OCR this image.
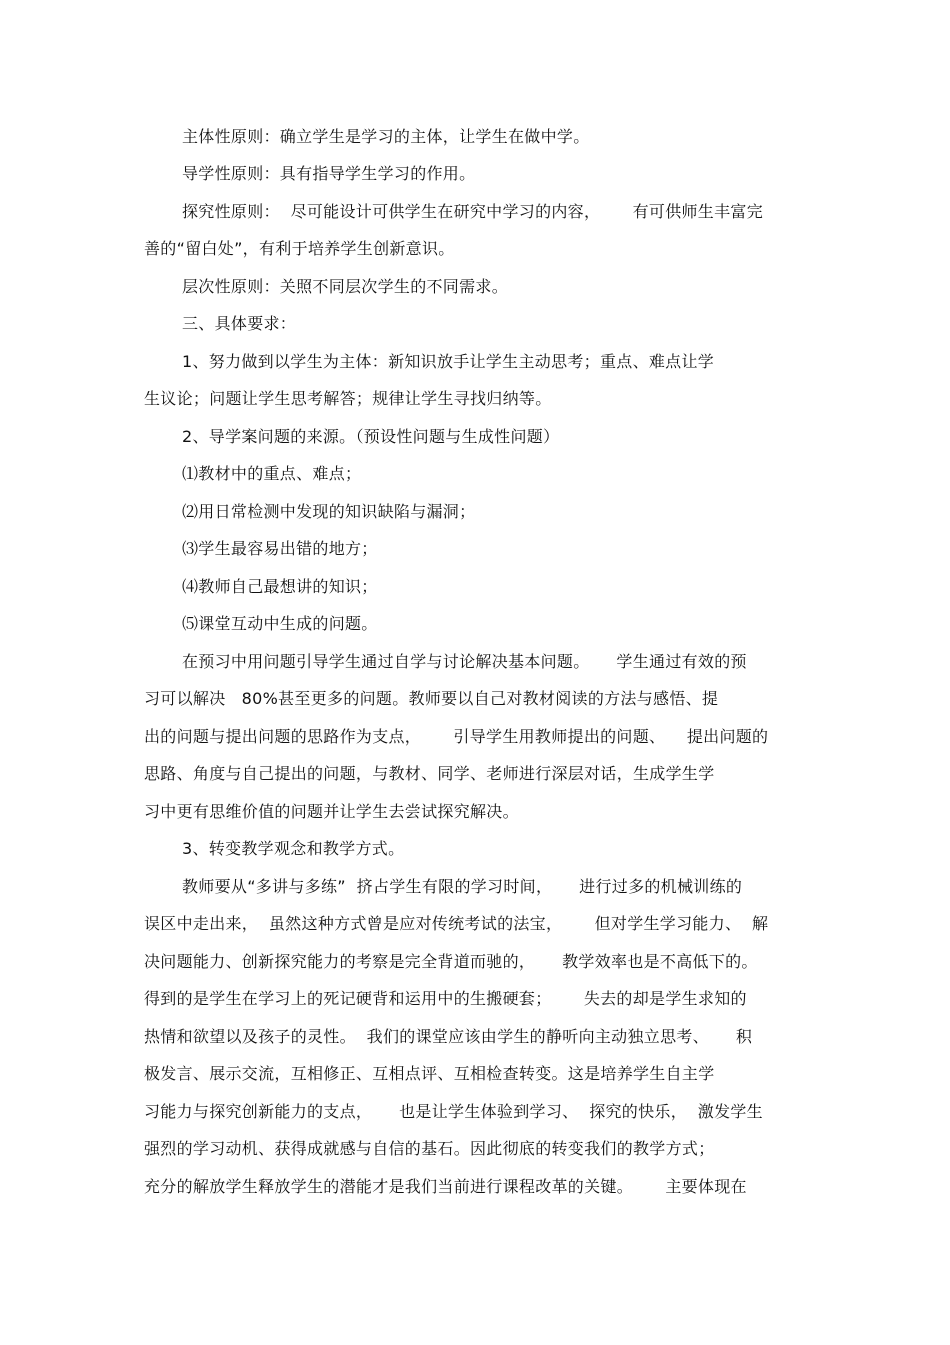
主体性原则：确立学生是学习的主体，让学生在做中学。
导学性原则：具有指导学生学习的作用。
探究性原则：  尽可能设计可供学生在研究中学习的内容，      有可供师生丰富完
善的“留白处”，有利于培养学生创新意识。
层次性原则：关照不同层次学生的不同需求。
三、具体要求：
1、努力做到以学生为主体：新知识放手让学生主动思考；重点、难点让学
生议论；问题让学生思考解答；规律让学生寻找归纳等。
2、导学案问题的来源。（预设性问题与生成性问题）
⑴教材中的重点、难点；
⑵用日常检测中发现的知识缺陷与漏洞；
⑶学生最容易出错的地方；
⑷教师自己最想讲的知识；
⑸课堂互动中生成的问题。
在预习中用问题引导学生通过自学与讨论解决基本问题。     学生通过有效的预
习可以解决   80%甚至更多的问题。教师要以自己对教材阅读的方法与感悟、提
出的问题与提出问题的思路作为支点，      引导学生用教师提出的问题、    提出问题的
思路、角度与自己提出的问题，与教材、同学、老师进行深层对话，生成学生学
习中更有思维价值的问题并让学生去尝试探究解决。
3、转变教学观念和教学方式。
教师要从“多讲与多练”  挤占学生有限的学习时间，     进行过多的机械训练的
误区中走出来，  虽然这种方式曾是应对传统考试的法宝，      但对学生学习能力、  解
决问题能力、创新探究能力的考察是完全背道而驰的，     教学效率也是不高低下的。
得到的是学生在学习上的死记硬背和运用中的生搬硬套；      失去的却是学生求知的
热情和欲望以及孩子的灵性。  我们的课堂应该由学生的静听向主动独立思考、     积
极发言、展示交流，互相修正、互相点评、互相检查转变。这是培养学生自主学
习能力与探究创新能力的支点，     也是让学生体验到学习、  探究的快乐，  激发学生
强烈的学习动机、获得成就感与自信的基石。因此彻底的转变我们的教学方式；
充分的解放学生释放学生的潜能才是我们当前进行课程改革的关键。      主要体现在
